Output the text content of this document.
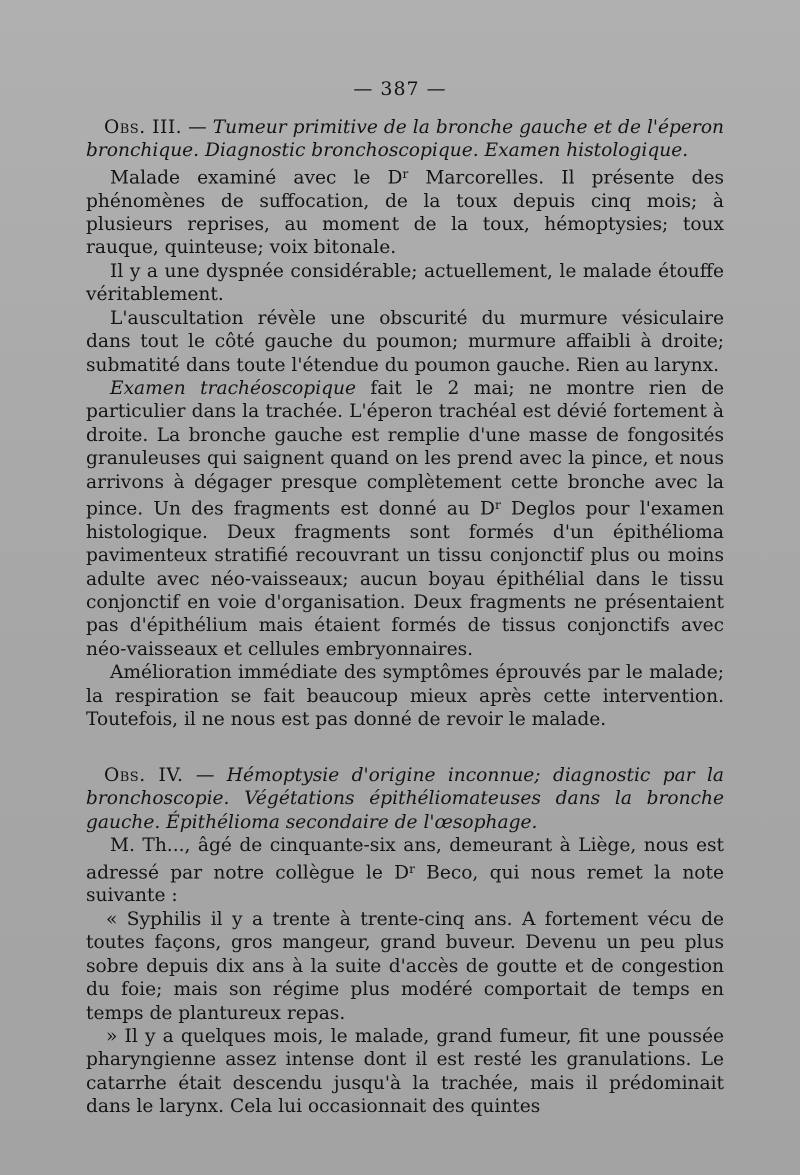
— 387 —

Obs. III. — Tumeur primitive de la bronche gauche et de l'éperon bronchique. Diagnostic bronchoscopique. Examen histologique.

Malade examiné avec le $D^r$ Marcorelles. Il présente des phénomènes de suffocation, de la toux depuis cinq mois; à plusieurs reprises, au moment de la toux, hémoptysies; toux rauque, quinteuse; voix bitonale.

Il y a une dyspnée considérable; actuellement, le malade étouffe véritablement.

L'auscultation révèle une obscurité du murmure vésiculaire dans tout le côté gauche du poumon; murmure affaibli à droite; submatité dans toute l'étendue du poumon gauche. Rien au larynx.

Examen trachéoscopique fait le 2 mai; ne montre rien de particulier dans la trachée. L'éperon trachéal est dévié fortement à droite. La bronche gauche est remplie d'une masse de fongosités granuleuses qui saignent quand on les prend avec la pince, et nous arrivons à dégager presque complètement cette bronche avec la pince. Un des fragments est donné au $D^r$ Deglos pour l'examen histologique. Deux fragments sont formés d'un épithélioma pavimenteux stratifié recouvrant un tissu conjonctif plus ou moins adulte avec néo-vaisseaux; aucun boyau épithélial dans le tissu conjonctif en voie d'organisation. Deux fragments ne présentaient pas d'épithélium mais étaient formés de tissus conjonctifs avec néo-vaisseaux et cellules embryonnaires.

Amélioration immédiate des symptômes éprouvés par le malade; la respiration se fait beaucoup mieux après cette intervention. Toutefois, il ne nous est pas donné de revoir le malade.

Obs. IV. — Hémoptysie d'origine inconnue; diagnostic par la bronchoscopie. Végétations épithéliomateuses dans la bronche gauche. Épithélioma secondaire de l'œsophage.

M. Th..., âgé de cinquante-six ans, demeurant à Liège, nous est adressé par notre collègue le $D^r$ Beco, qui nous remet la note suivante :

« Syphilis il y a trente à trente-cinq ans. A fortement vécu de toutes façons, gros mangeur, grand buveur. Devenu un peu plus sobre depuis dix ans à la suite d'accès de goutte et de congestion du foie; mais son régime plus modéré comportait de temps en temps de plantureux repas.

» Il y a quelques mois, le malade, grand fumeur, fit une poussée pharyngienne assez intense dont il est resté les granulations. Le catarrhe était descendu jusqu'à la trachée, mais il prédominait dans le larynx. Cela lui occasionnait des quintes
